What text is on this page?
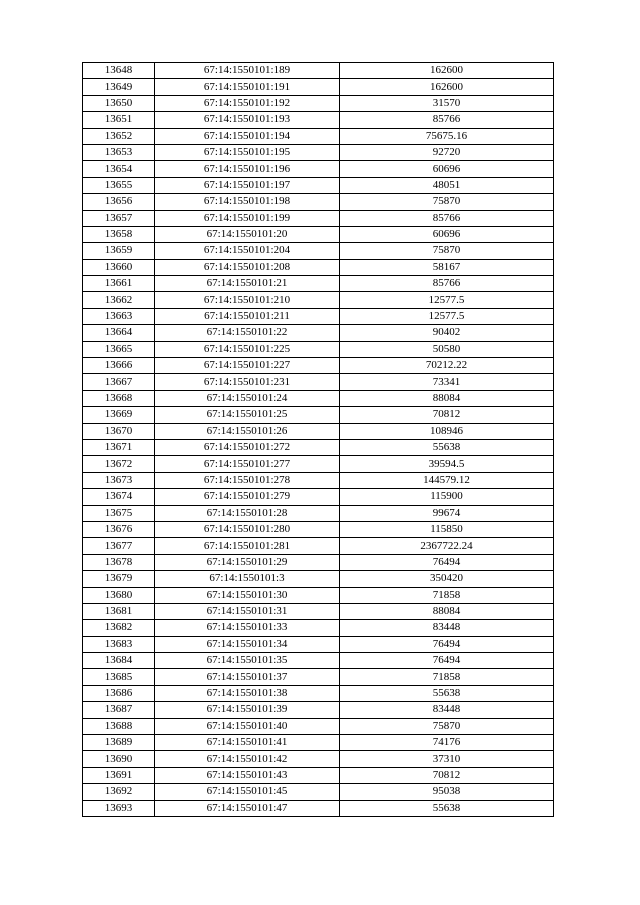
13648	67:14:1550101:189	162600
13649	67:14:1550101:191	162600
13650	67:14:1550101:192	31570
13651	67:14:1550101:193	85766
13652	67:14:1550101:194	75675.16
13653	67:14:1550101:195	92720
13654	67:14:1550101:196	60696
13655	67:14:1550101:197	48051
13656	67:14:1550101:198	75870
13657	67:14:1550101:199	85766
13658	67:14:1550101:20	60696
13659	67:14:1550101:204	75870
13660	67:14:1550101:208	58167
13661	67:14:1550101:21	85766
13662	67:14:1550101:210	12577.5
13663	67:14:1550101:211	12577.5
13664	67:14:1550101:22	90402
13665	67:14:1550101:225	50580
13666	67:14:1550101:227	70212.22
13667	67:14:1550101:231	73341
13668	67:14:1550101:24	88084
13669	67:14:1550101:25	70812
13670	67:14:1550101:26	108946
13671	67:14:1550101:272	55638
13672	67:14:1550101:277	39594.5
13673	67:14:1550101:278	144579.12
13674	67:14:1550101:279	115900
13675	67:14:1550101:28	99674
13676	67:14:1550101:280	115850
13677	67:14:1550101:281	2367722.24
13678	67:14:1550101:29	76494
13679	67:14:1550101:3	350420
13680	67:14:1550101:30	71858
13681	67:14:1550101:31	88084
13682	67:14:1550101:33	83448
13683	67:14:1550101:34	76494
13684	67:14:1550101:35	76494
13685	67:14:1550101:37	71858
13686	67:14:1550101:38	55638
13687	67:14:1550101:39	83448
13688	67:14:1550101:40	75870
13689	67:14:1550101:41	74176
13690	67:14:1550101:42	37310
13691	67:14:1550101:43	70812
13692	67:14:1550101:45	95038
13693	67:14:1550101:47	55638
